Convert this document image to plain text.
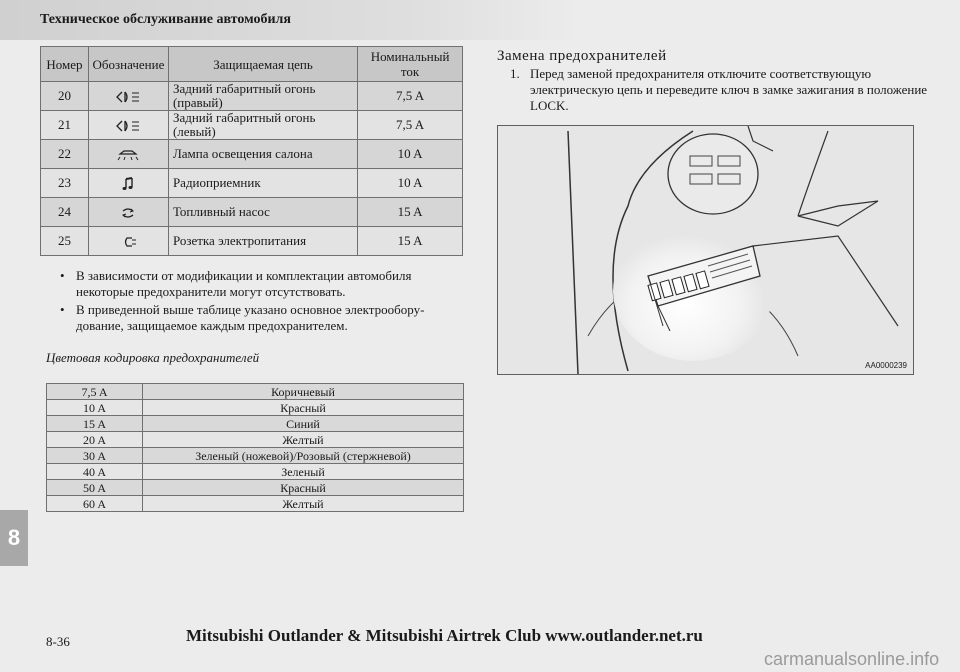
Техническое обслуживание автомобиля
Номер	Обозначение	Защищаемая цепь	Номинальный ток
20		Задний габаритный огонь (правый)	7,5 A
21		Задний габаритный огонь (левый)	7,5 A
22		Лампа освещения салона	10 A
23		Радиоприемник	10 A
24		Топливный насос	15 A
25		Розетка электропитания	15 A
• В зависимости от модификации и комплектации автомобиля некоторые предохранители могут отсутствовать.
• В приведенной выше таблице указано основное электрооборудование, защищаемое каждым предохранителем.
Цветовая кодировка предохранителей
7,5 A	Коричневый
10 A	Красный
15 A	Синий
20 A	Желтый
30 A	Зеленый (ножевой)/Розовый (стержневой)
40 A	Зеленый
50 A	Красный
60 A	Желтый
Замена предохранителей
1. Перед заменой предохранителя отключите соответствующую электрическую цепь и переведите ключ в замке зажигания в положение LOCK.
AA0000239
8
8-36	Mitsubishi Outlander & Mitsubishi Airtrek Club www.outlander.net.ru
carmanualsonline.info
